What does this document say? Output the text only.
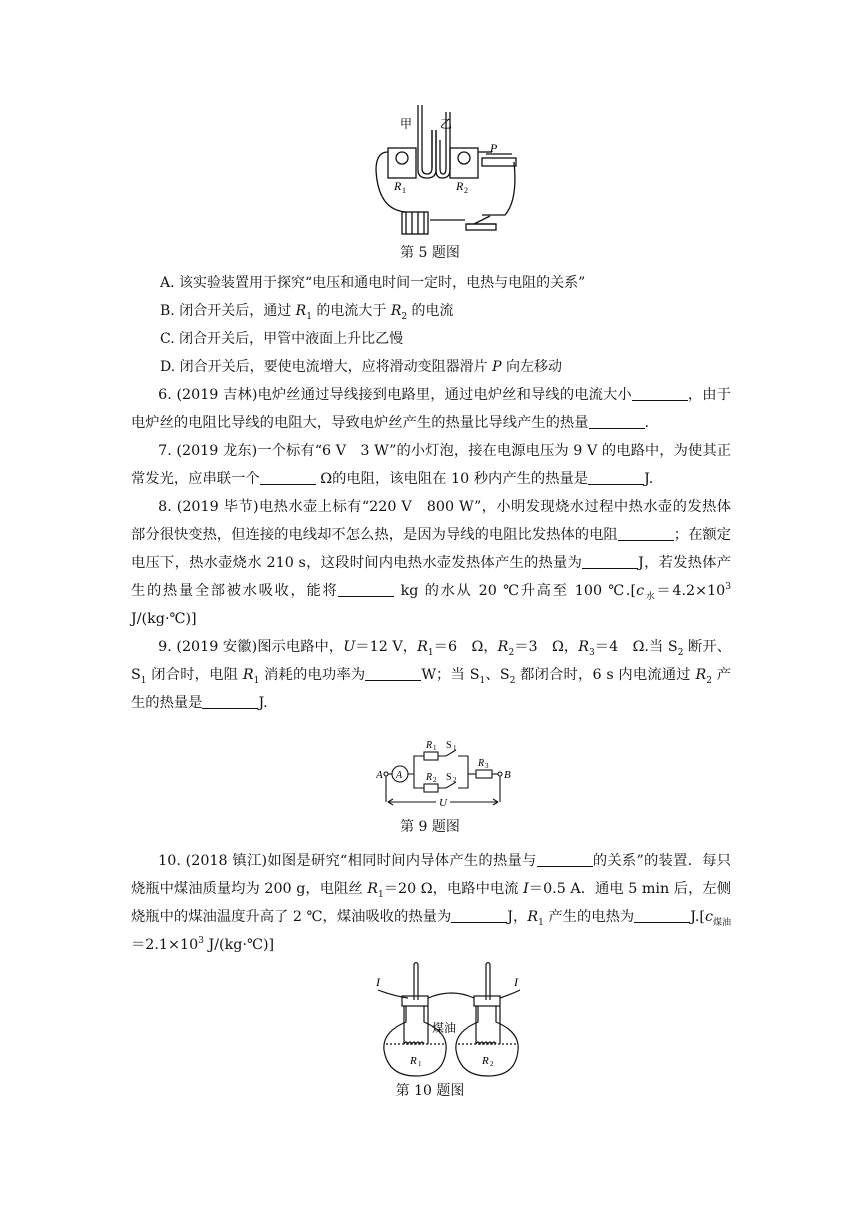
甲 乙
R 1	R 2
P
第 5 题图
A. 该实验装置用于探究“电压和通电时间一定时，电热与电阻的关系”
B. 闭合开关后，通过 $R_1$ 的电流大于 $R_2$ 的电流
C. 闭合开关后，甲管中液面上升比乙慢
D. 闭合开关后，要使电流增大，应将滑动变阻器滑片 P 向左移动

6. (2019 吉林)电炉丝通过导线接到电路里，通过电炉丝和导线的电流大小	，由于电炉丝的电阻比导线的电阻大，导致电炉丝产生的热量比导线产生的热量	.

7. (2019 龙东)一个标有“6 V　3 W”的小灯泡，接在电源电压为 9 V 的电路中，为使其正常发光，应串联一个	Ω的电阻，该电阻在 10 秒内产生的热量是	J.

8. (2019 毕节)电热水壶上标有“220 V　800 W”，小明发现烧水过程中热水壶的发热体部分很快变热，但连接的电线却不怎么热，是因为导线的电阻比发热体的电阻	；在额定电压下，热水壶烧水 210 s，这段时间内电热水壶发热体产生的热量为	J，若发热体产生的热量全部被水吸收，能将	kg 的水从 20 ℃升高至 100 $℃.[c_水=4.2\times 10^3$ J/(kg·℃)]

9. (2019 安徽)图示电路中，U＝12 V，$R_1=6$　Ω，$R_2=3$　Ω，$R_3=4$　Ω.当 $S_2$ 断开、$S_1$ 闭合时，电阻 $R_1$ 消耗的电功率为	W；当 $S_1$、$S_2$ 都闭合时，6 s 内电流通过 $R_2$ 产生的热量是	J.

A A	B
U
R 1 S 1
R 2 S 2
R 3
第 9 题图

10. (2018 镇江)如图是研究“相同时间内导体产生的热量与	的关系”的装置．每只烧瓶中煤油质量均为 200 g，电阻丝 $R_1=20$ Ω，电路中电流 I＝0.5 A．通电 5 min 后，左侧烧瓶中的煤油温度升高了 2 ℃，煤油吸收的热量为	J，$R_1$ 产生的电热为	$J.[c_{煤油}=2.1\times 10^3$ J/(kg·℃)]

I	I
煤油
R 1	R 2
第 10 题图
